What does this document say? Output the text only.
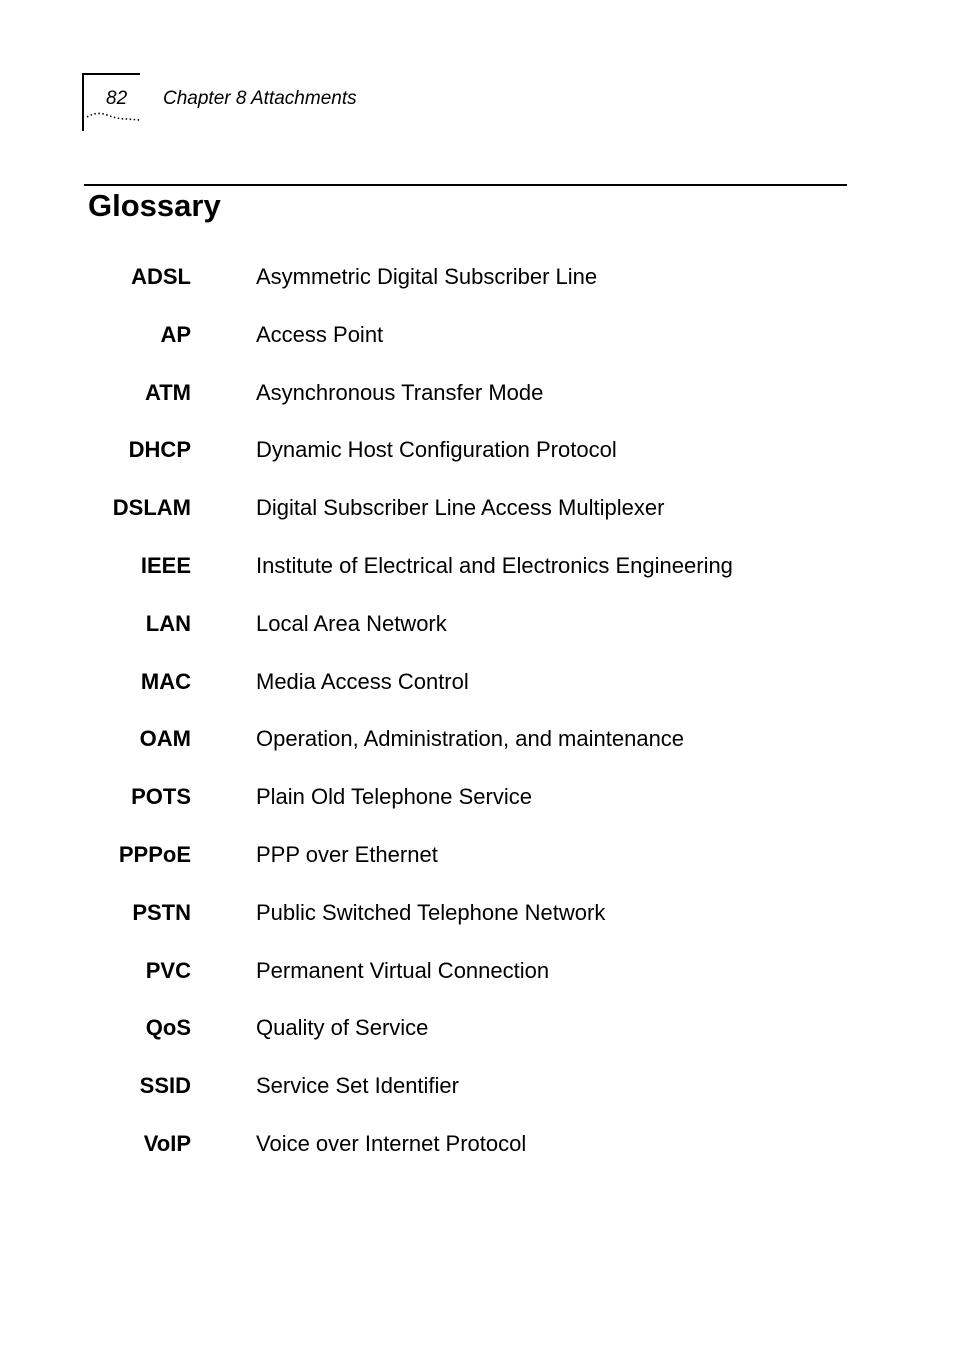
82 Chapter 8 Attachments
Glossary
ADSL	Asymmetric Digital Subscriber Line
AP	Access Point
ATM	Asynchronous Transfer Mode
DHCP	Dynamic Host Configuration Protocol
DSLAM	Digital Subscriber Line Access Multiplexer
IEEE	Institute of Electrical and Electronics Engineering
LAN	Local Area Network
MAC	Media Access Control
OAM	Operation, Administration, and maintenance
POTS	Plain Old Telephone Service
PPPoE	PPP over Ethernet
PSTN	Public Switched Telephone Network
PVC	Permanent Virtual Connection
QoS	Quality of Service
SSID	Service Set Identifier
VoIP	Voice over Internet Protocol
